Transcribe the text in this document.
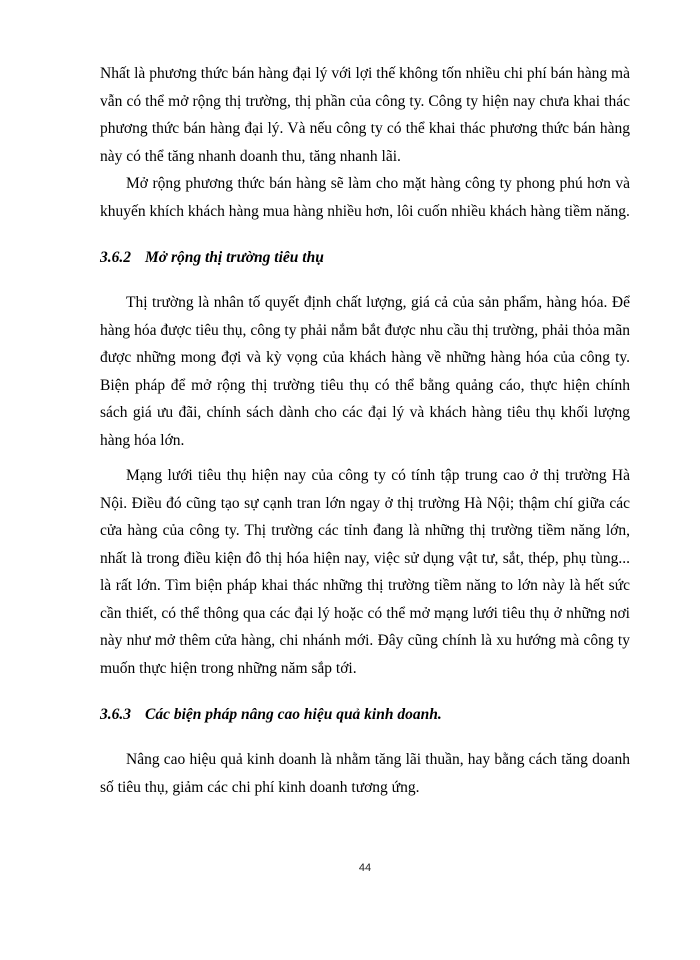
Nhất là phương thức bán hàng đại lý với lợi thế không tốn nhiều chi phí bán hàng mà vẫn có thể mở rộng thị trường, thị phần của công ty. Công ty hiện nay chưa khai thác phương thức bán hàng đại lý. Và nếu công ty có thể khai thác phương thức bán hàng này có thể tăng nhanh doanh thu, tăng nhanh lãi.

Mở rộng phương thức bán hàng sẽ làm cho mặt hàng công ty phong phú hơn và khuyến khích khách hàng mua hàng nhiều hơn, lôi cuốn nhiều khách hàng tiềm năng.

3.6.2 Mở rộng thị trường tiêu thụ

Thị trường là nhân tố quyết định chất lượng, giá cả của sản phẩm, hàng hóa. Để hàng hóa được tiêu thụ, công ty phải nắm bắt được nhu cầu thị trường, phải thỏa mãn được những mong đợi và kỳ vọng của khách hàng về những hàng hóa của công ty. Biện pháp để mở rộng thị trường tiêu thụ có thể bằng quảng cáo, thực hiện chính sách giá ưu đãi, chính sách dành cho các đại lý và khách hàng tiêu thụ khối lượng hàng hóa lớn.

Mạng lưới tiêu thụ hiện nay của công ty có tính tập trung cao ở thị trường Hà Nội. Điều đó cũng tạo sự cạnh tran lớn ngay ở thị trường Hà Nội; thậm chí giữa các cửa hàng của công ty. Thị trường các tỉnh đang là những thị trường tiềm năng lớn, nhất là trong điều kiện đô thị hóa hiện nay, việc sử dụng vật tư, sắt, thép, phụ tùng... là rất lớn. Tìm biện pháp khai thác những thị trường tiềm năng to lớn này là hết sức cần thiết, có thể thông qua các đại lý hoặc có thể mở mạng lưới tiêu thụ ở những nơi này như mở thêm cửa hàng, chi nhánh mới. Đây cũng chính là xu hướng mà công ty muốn thực hiện trong những năm sắp tới.

3.6.3 Các biện pháp nâng cao hiệu quả kinh doanh.

Nâng cao hiệu quả kinh doanh là nhằm tăng lãi thuần, hay bằng cách tăng doanh số tiêu thụ, giảm các chi phí kinh doanh tương ứng.

44
